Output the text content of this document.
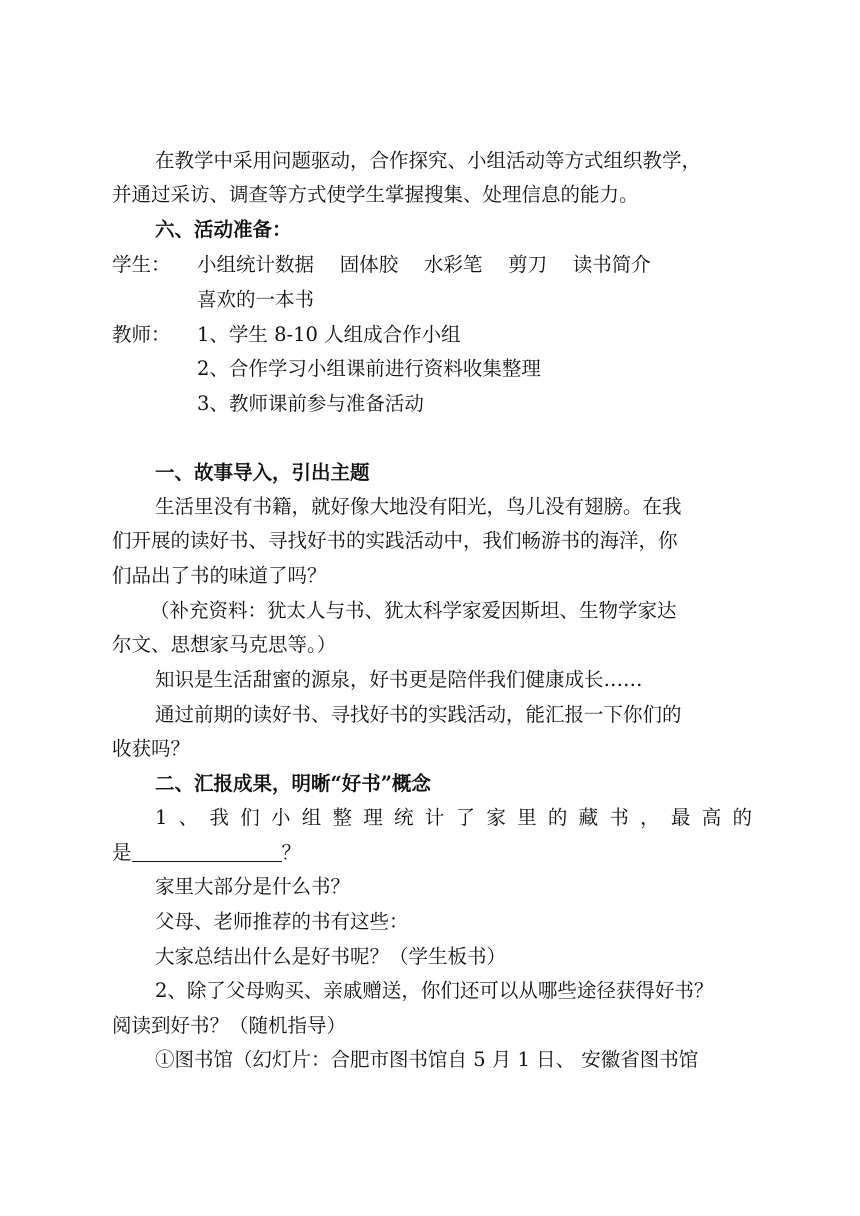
在教学中采用问题驱动，合作探究、小组活动等方式组织教学，
并通过采访、调查等方式使学生掌握搜集、处理信息的能力。
六、活动准备：
学生： 小组统计数据　 固体胶　 水彩笔　 剪刀　 读书简介
喜欢的一本书
教师： 1、学生 8-10 人组成合作小组
2、合作学习小组课前进行资料收集整理
3、教师课前参与准备活动
一、故事导入，引出主题
生活里没有书籍，就好像大地没有阳光，鸟儿没有翅膀。在我
们开展的读好书、寻找好书的实践活动中，我们畅游书的海洋，你
们品出了书的味道了吗？
（补充资料：犹太人与书、犹太科学家爱因斯坦、生物学家达
尔文、思想家马克思等。）
知识是生活甜蜜的源泉，好书更是陪伴我们健康成长……
通过前期的读好书、寻找好书的实践活动，能汇报一下你们的
收获吗？
二、汇报成果，明晰“好书”概念
1 、 我 们 小 组 整 理 统 计 了 家 里 的 藏 书 ， 最 高 的
是	？
家里大部分是什么书？
父母、老师推荐的书有这些：
大家总结出什么是好书呢？（学生板书）
2、除了父母购买、亲戚赠送，你们还可以从哪些途径获得好书？
阅读到好书？（随机指导）
①图书馆（幻灯片：合肥市图书馆自 5 月 1 日、 安徽省图书馆
